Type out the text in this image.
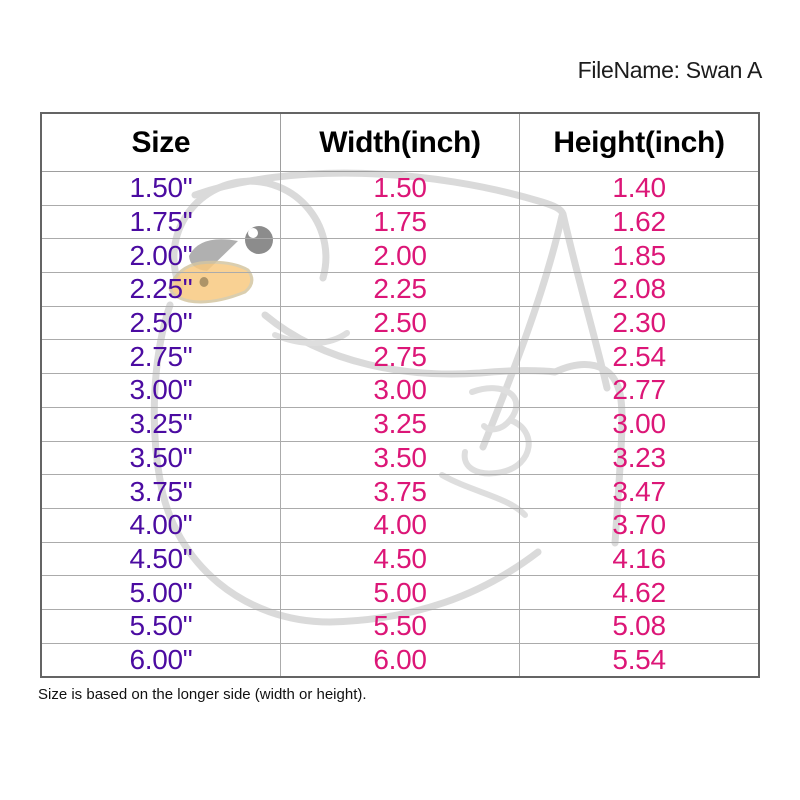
FileName: Swan A
Size	Width(inch)	Height(inch)
1.50"	1.50	1.40
1.75"	1.75	1.62
2.00"	2.00	1.85
2.25"	2.25	2.08
2.50"	2.50	2.30
2.75"	2.75	2.54
3.00"	3.00	2.77
3.25"	3.25	3.00
3.50"	3.50	3.23
3.75"	3.75	3.47
4.00"	4.00	3.70
4.50"	4.50	4.16
5.00"	5.00	4.62
5.50"	5.50	5.08
6.00"	6.00	5.54
Size is based on the longer side (width or height).
